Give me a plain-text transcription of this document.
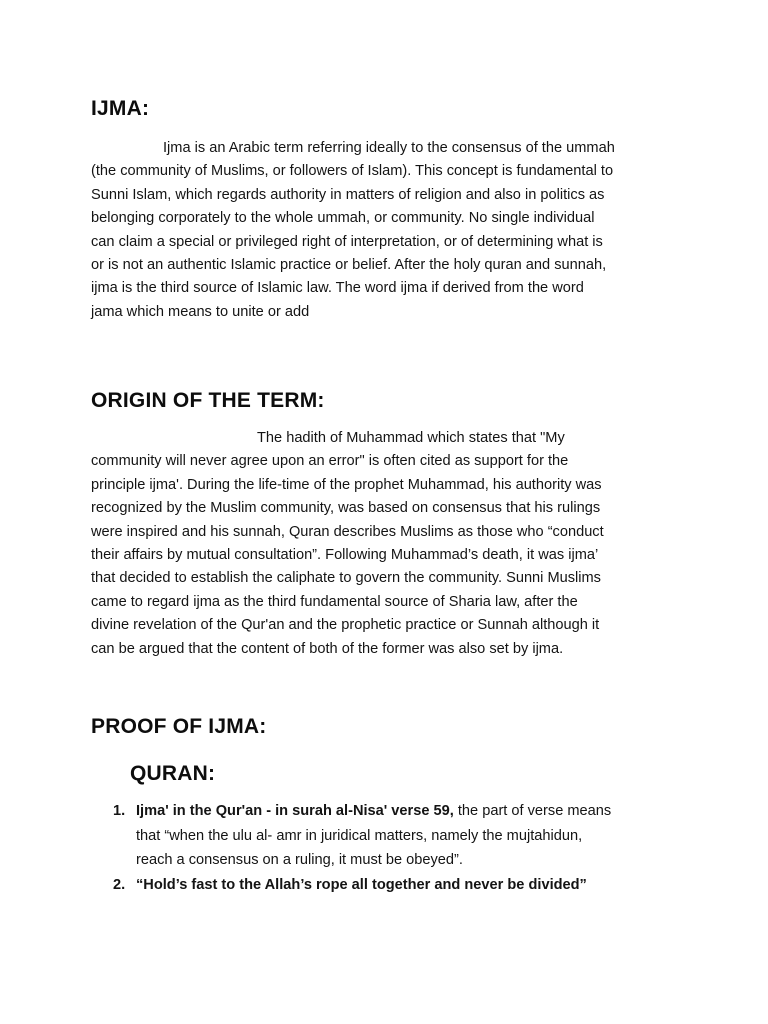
IJMA:

Ijma is an Arabic term referring ideally to the consensus of the ummah
(the community of Muslims, or followers of Islam). This concept is fundamental to
Sunni Islam, which regards authority in matters of religion and also in politics as
belonging corporately to the whole ummah, or community. No single individual
can claim a special or privileged right of interpretation, or of determining what is
or is not an authentic Islamic practice or belief. After the holy quran and sunnah,
ijma is the third source of Islamic law. The word ijma if derived from the word
jama which means to unite or add

ORIGIN OF THE TERM:

The hadith of Muhammad which states that "My
community will never agree upon an error" is often cited as support for the
principle ijma'. During the life-time of the prophet Muhammad, his authority was
recognized by the Muslim community, was based on consensus that his rulings
were inspired and his sunnah, Quran describes Muslims as those who “conduct
their affairs by mutual consultation”. Following Muhammad’s death, it was ijma’
that decided to establish the caliphate to govern the community. Sunni Muslims
came to regard ijma as the third fundamental source of Sharia law, after the
divine revelation of the Qur'an and the prophetic practice or Sunnah although it
can be argued that the content of both of the former was also set by ijma.

PROOF OF IJMA:
QURAN:
1. Ijma' in the Qur'an - in surah al-Nisa' verse 59, the part of verse means
that “when the ulu al- amr in juridical matters, namely the mujtahidun,
reach a consensus on a ruling, it must be obeyed”.
2. “Hold’s fast to the Allah’s rope all together and never be divided”
